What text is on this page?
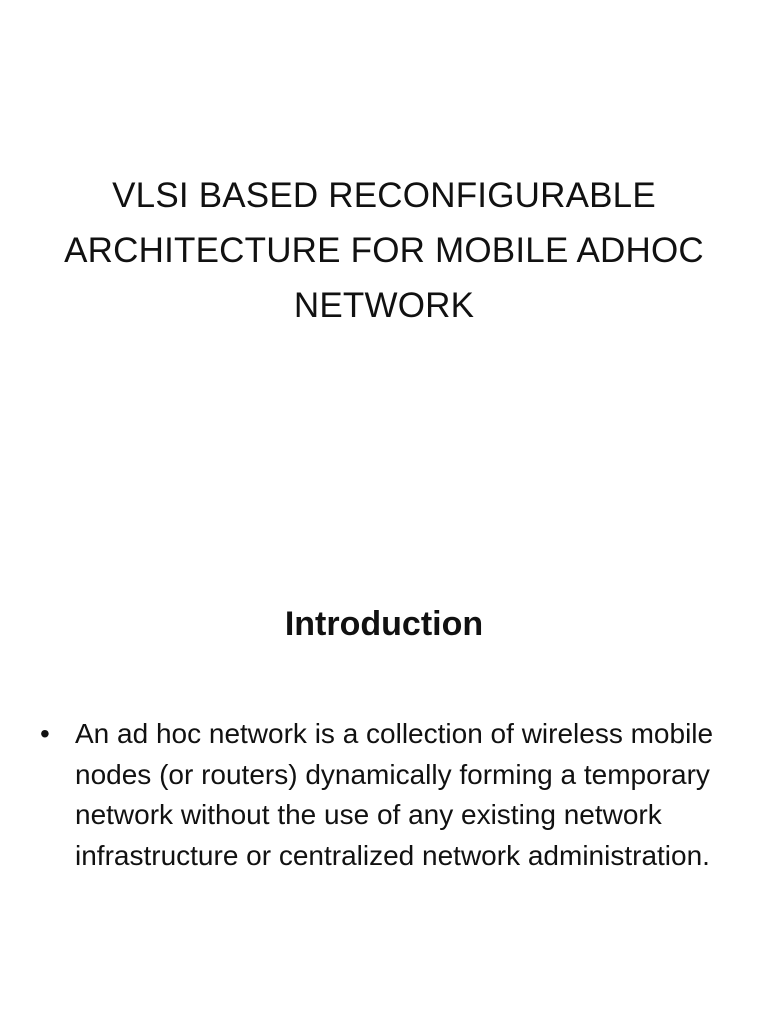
VLSI BASED RECONFIGURABLE ARCHITECTURE FOR MOBILE ADHOC NETWORK
Introduction
• An ad hoc network is a collection of wireless mobile nodes (or routers) dynamically forming a temporary network without the use of any existing network infrastructure or centralized network administration.
